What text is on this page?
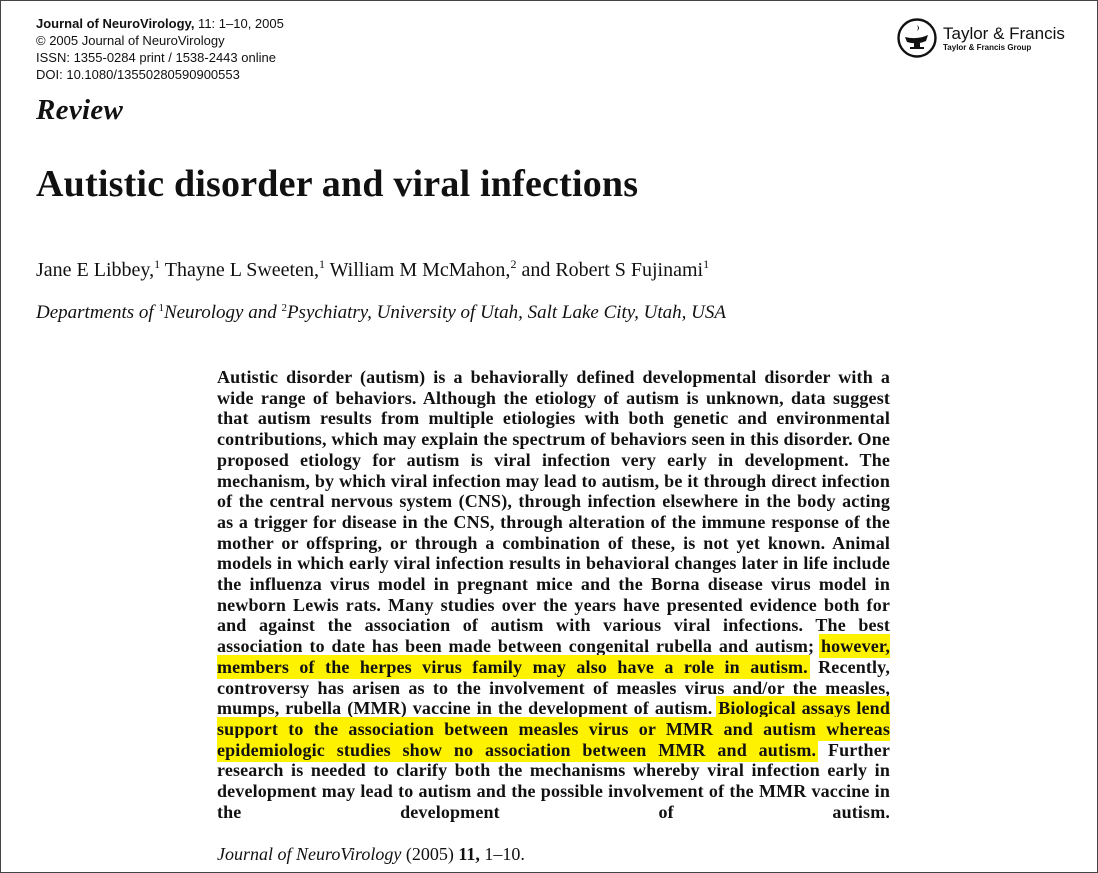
Journal of NeuroVirology, 11: 1–10, 2005
© 2005 Journal of NeuroVirology
ISSN: 1355-0284 print / 1538-2443 online
DOI: 10.1080/13550280590900553
Taylor & Francis
Taylor & Francis Group
Review
Autistic disorder and viral infections
Jane E Libbey,$^1$ Thayne L Sweeten,$^1$ William M McMahon,$^2$ and Robert S Fujinami$^1$
Departments of $^1$Neurology and $^2$Psychiatry, University of Utah, Salt Lake City, Utah, USA
Autistic disorder (autism) is a behaviorally defined developmental disorder with a wide range of behaviors. Although the etiology of autism is unknown, data suggest that autism results from multiple etiologies with both genetic and environmental contributions, which may explain the spectrum of behaviors seen in this disorder. One proposed etiology for autism is viral infection very early in development. The mechanism, by which viral infection may lead to autism, be it through direct infection of the central nervous system (CNS), through infection elsewhere in the body acting as a trigger for disease in the CNS, through alteration of the immune response of the mother or offspring, or through a combination of these, is not yet known. Animal models in which early viral infection results in behavioral changes later in life include the influenza virus model in pregnant mice and the Borna disease virus model in newborn Lewis rats. Many studies over the years have presented evidence both for and against the association of autism with various viral infections. The best association to date has been made between congenital rubella and autism; however, members of the herpes virus family may also have a role in autism. Recently, controversy has arisen as to the involvement of measles virus and/or the measles, mumps, rubella (MMR) vaccine in the development of autism. Biological assays lend support to the association between measles virus or MMR and autism whereas epidemiologic studies show no association between MMR and autism. Further research is needed to clarify both the mechanisms whereby viral infection early in development may lead to autism and the possible involvement of the MMR vaccine in the development of autism.
Journal of NeuroVirology (2005) 11, 1–10.
